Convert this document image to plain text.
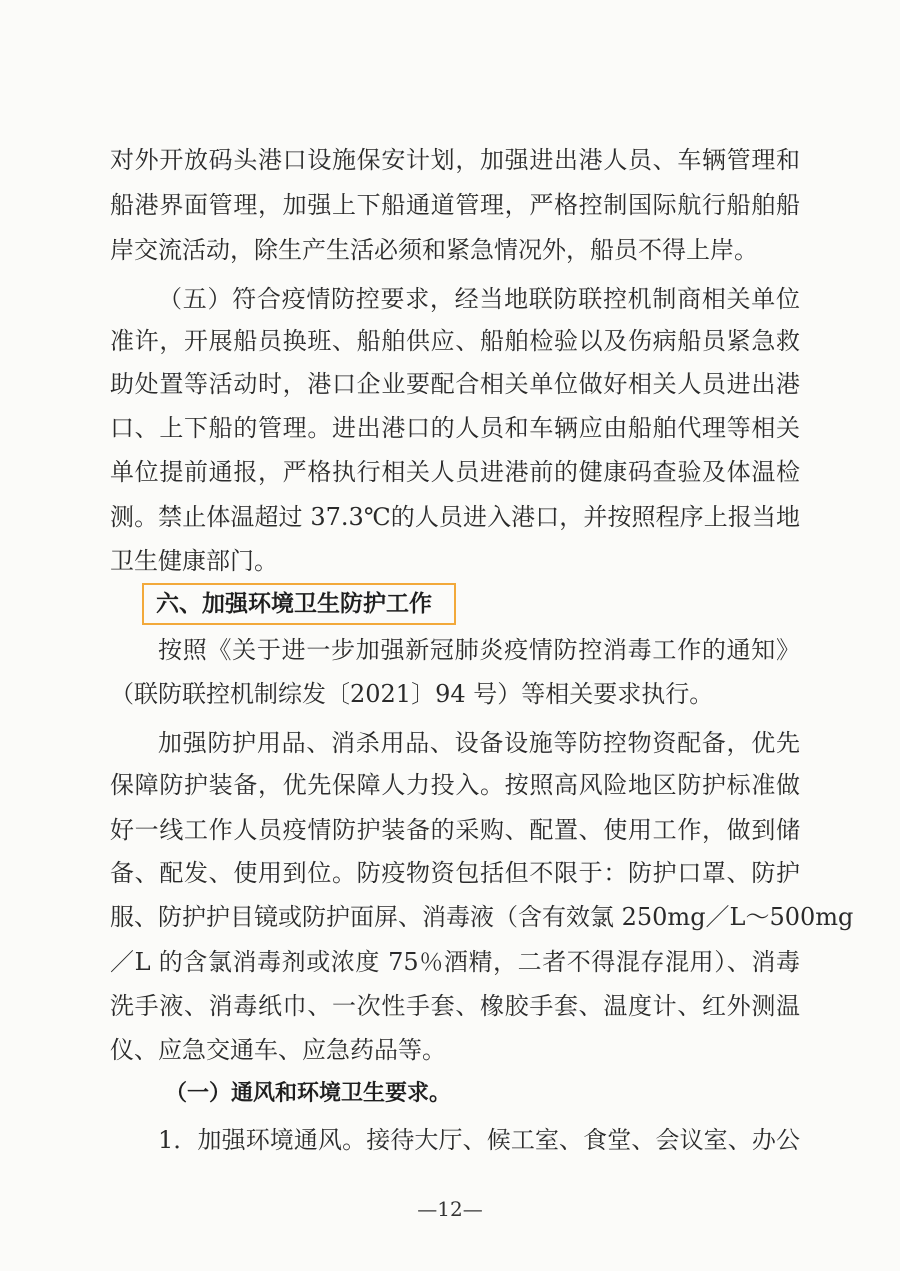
对外开放码头港口设施保安计划，加强进出港人员、车辆管理和
船港界面管理，加强上下船通道管理，严格控制国际航行船舶船
岸交流活动，除生产生活必须和紧急情况外，船员不得上岸。
（五）符合疫情防控要求，经当地联防联控机制商相关单位
准许，开展船员换班、船舶供应、船舶检验以及伤病船员紧急救
助处置等活动时，港口企业要配合相关单位做好相关人员进出港
口、上下船的管理。进出港口的人员和车辆应由船舶代理等相关
单位提前通报，严格执行相关人员进港前的健康码查验及体温检
测。禁止体温超过 37.3℃的人员进入港口，并按照程序上报当地
卫生健康部门。
六、加强环境卫生防护工作
按照《关于进一步加强新冠肺炎疫情防控消毒工作的通知》
（联防联控机制综发〔2021〕94 号）等相关要求执行。
加强防护用品、消杀用品、设备设施等防控物资配备，优先
保障防护装备，优先保障人力投入。按照高风险地区防护标准做
好一线工作人员疫情防护装备的采购、配置、使用工作，做到储
备、配发、使用到位。防疫物资包括但不限于：防护口罩、防护
服、防护护目镜或防护面屏、消毒液（含有效氯 250mg／L～500mg
／L 的含氯消毒剂或浓度 75％酒精，二者不得混存混用）、消毒
洗手液、消毒纸巾、一次性手套、橡胶手套、温度计、红外测温
仪、应急交通车、应急药品等。
（一）通风和环境卫生要求。
1．加强环境通风。接待大厅、候工室、食堂、会议室、办公
—12—
